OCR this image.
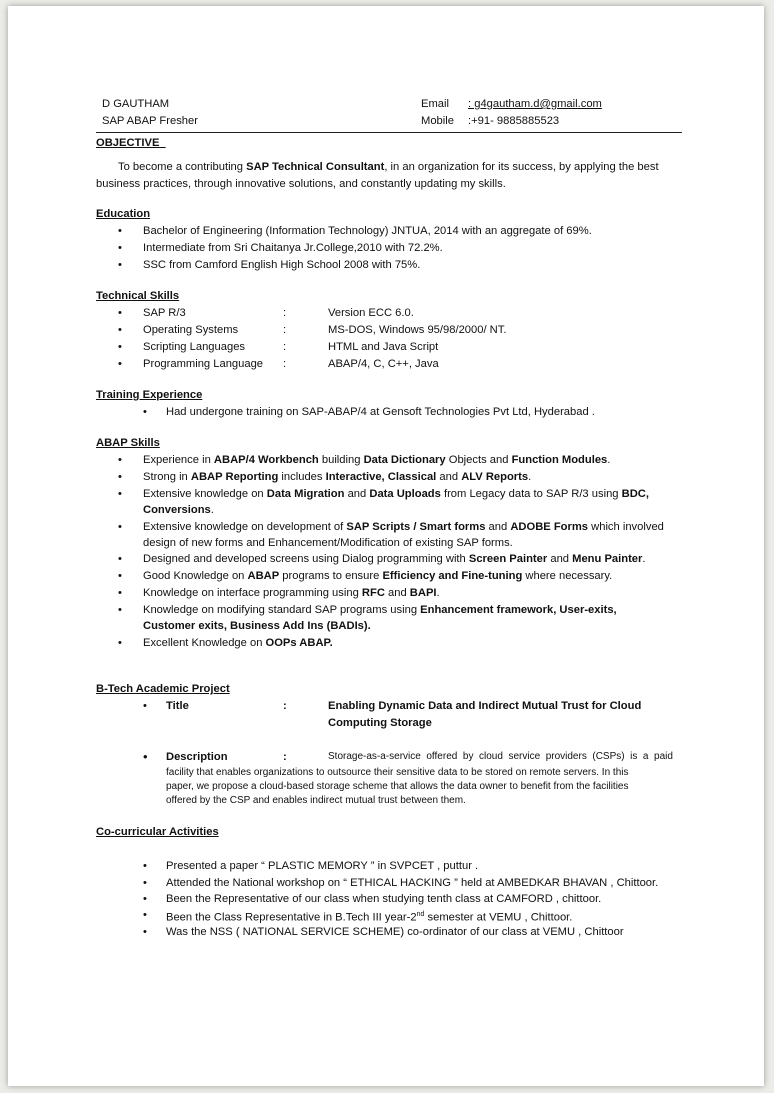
D GAUTHAM
SAP ABAP Fresher
Email : g4gautham.d@gmail.com
Mobile :+91- 9885885523
OBJECTIVE
To become a contributing SAP Technical Consultant, in an organization for its success, by applying the best
business practices, through innovative solutions, and constantly updating my skills.
Education
• Bachelor of Engineering (Information Technology) JNTUA, 2014 with an aggregate of 69%.
• Intermediate from Sri Chaitanya Jr.College,2010 with 72.2%.
• SSC from Camford English High School 2008 with 75%.
Technical Skills
• SAP R/3	:	Version ECC 6.0.
• Operating Systems	:	MS-DOS, Windows 95/98/2000/ NT.
• Scripting Languages	:	HTML and Java Script
• Programming Language :	ABAP/4, C, C++, Java
Training Experience
• Had undergone training on SAP-ABAP/4 at Gensoft Technologies Pvt Ltd, Hyderabad .
ABAP Skills
• Experience in ABAP/4 Workbench building Data Dictionary Objects and Function Modules.
• Strong in ABAP Reporting includes Interactive, Classical and ALV Reports.
• Extensive knowledge on Data Migration and Data Uploads from Legacy data to SAP R/3 using BDC,
Conversions.
• Extensive knowledge on development of SAP Scripts / Smart forms and ADOBE Forms which involved
design of new forms and Enhancement/Modification of existing SAP forms.
• Designed and developed screens using Dialog programming with Screen Painter and Menu Painter.
• Good Knowledge on ABAP programs to ensure Efficiency and Fine-tuning where necessary.
• Knowledge on interface programming using RFC and BAPI.
• Knowledge on modifying standard SAP programs using Enhancement framework, User-exits,
Customer exits, Business Add Ins (BADIs).
• Excellent Knowledge on OOPs ABAP.
B-Tech Academic Project
• Title	:	Enabling Dynamic Data and Indirect Mutual Trust for Cloud
Computing Storage
• Description	:	Storage-as-a-service  offered  by  cloud  service  providers  (CSPs)  is  a  paid
facility that enables organizations to outsource their sensitive data to be stored on remote servers. In this
paper, we propose a cloud-based storage scheme that allows the data owner to benefit from the facilities
offered by the CSP and enables indirect mutual trust between them.
Co-curricular Activities
• Presented a paper “ PLASTIC MEMORY ” in SVPCET , puttur .
• Attended the National workshop on “ ETHICAL HACKING ” held at AMBEDKAR BHAVAN , Chittoor.
• Been the Representative of our class when studying tenth class at CAMFORD , chittoor.
• Been the Class Representative in B.Tech III year-2nd semester at VEMU , Chittoor.
• Was the NSS ( NATIONAL SERVICE SCHEME) co-ordinator of our class at VEMU , Chittoor
